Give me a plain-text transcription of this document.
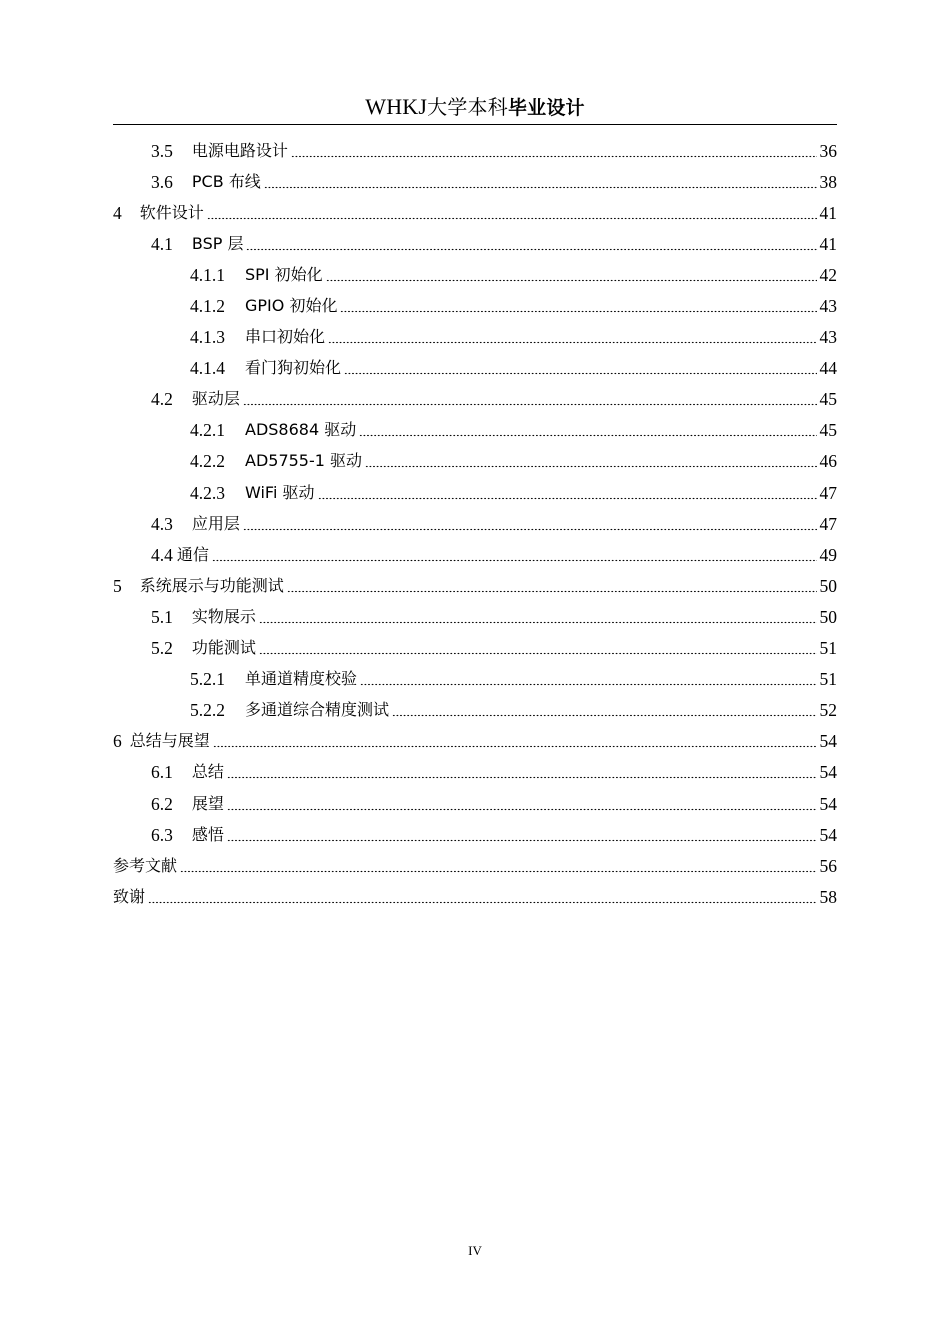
WHKJ大学本科毕业设计
3.5 电源电路设计	36
3.6 PCB 布线	38
4 软件设计	41
4.1 BSP 层	41
4.1.1 SPI 初始化	42
4.1.2 GPIO 初始化	43
4.1.3 串口初始化	43
4.1.4 看门狗初始化	44
4.2 驱动层	45
4.2.1 ADS8684 驱动	45
4.2.2 AD5755-1 驱动	46
4.2.3 WiFi 驱动	47
4.3 应用层	47
4.4 通信	49
5 系统展示与功能测试	50
5.1 实物展示	50
5.2 功能测试	51
5.2.1 单通道精度校验	51
5.2.2 多通道综合精度测试	52
6 总结与展望	54
6.1 总结	54
6.2 展望	54
6.3 感悟	54
参考文献	56
致谢	58
IV
